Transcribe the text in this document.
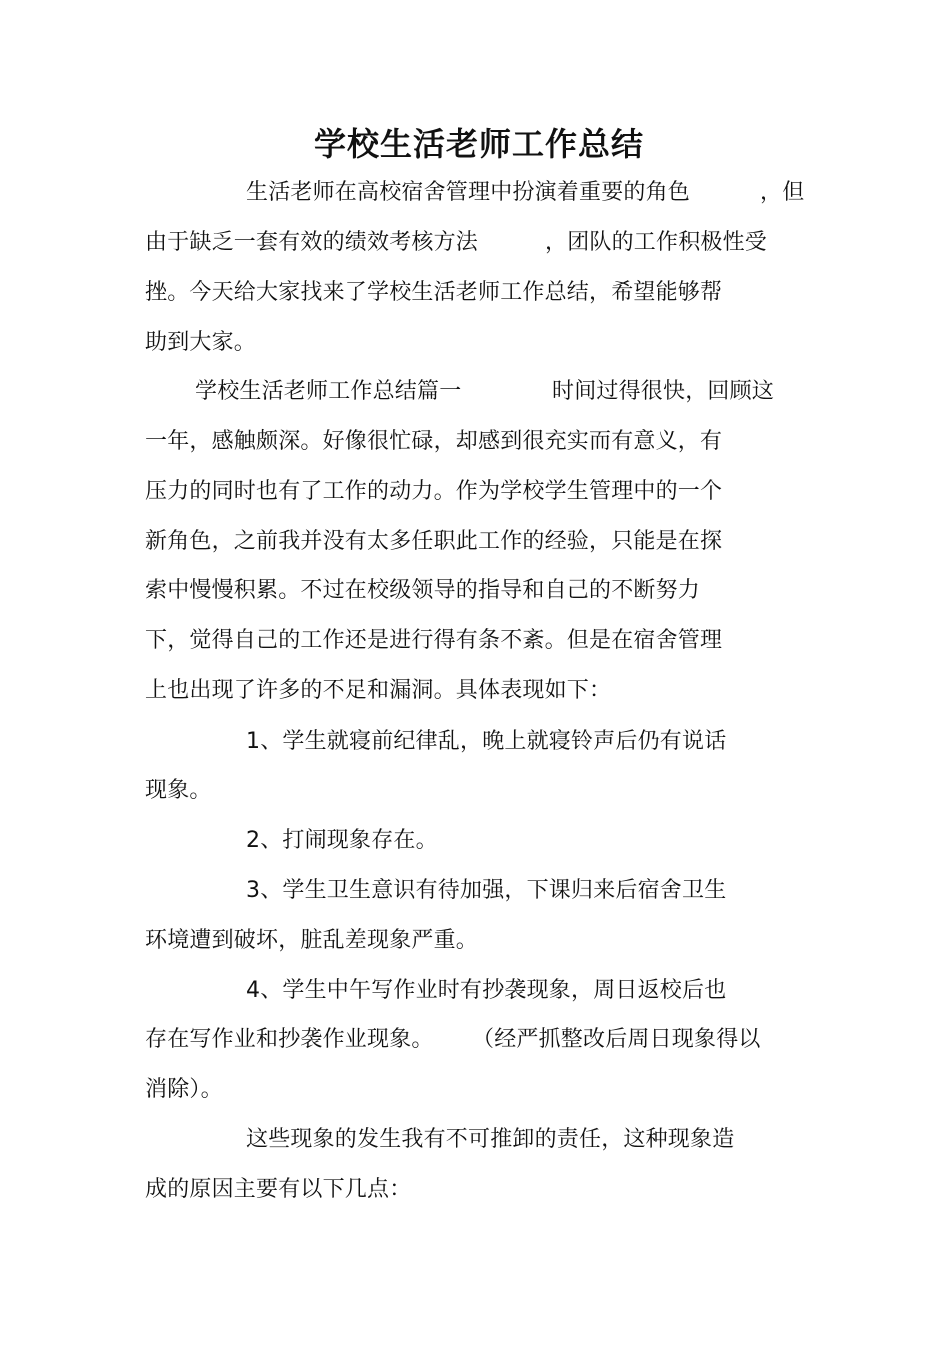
学校生活老师工作总结

生活老师在高校宿舍管理中扮演着重要的角色	，但

由于缺乏一套有效的绩效考核方法	，团队的工作积极性受

挫。今天给大家找来了学校生活老师工作总结，希望能够帮

助到大家。

学校生活老师工作总结篇一	时间过得很快，回顾这

一年，感触颇深。好像很忙碌，却感到很充实而有意义，有

压力的同时也有了工作的动力。作为学校学生管理中的一个

新角色，之前我并没有太多任职此工作的经验，只能是在探

索中慢慢积累。不过在校级领导的指导和自己的不断努力

下，觉得自己的工作还是进行得有条不紊。但是在宿舍管理

上也出现了许多的不足和漏洞。具体表现如下：

1、学生就寝前纪律乱，晚上就寝铃声后仍有说话

现象。

2、打闹现象存在。

3、学生卫生意识有待加强，下课归来后宿舍卫生

环境遭到破坏，脏乱差现象严重。

4、学生中午写作业时有抄袭现象，周日返校后也

存在写作业和抄袭作业现象。 （经严抓整改后周日现象得以

消除）。

这些现象的发生我有不可推卸的责任，这种现象造

成的原因主要有以下几点：
